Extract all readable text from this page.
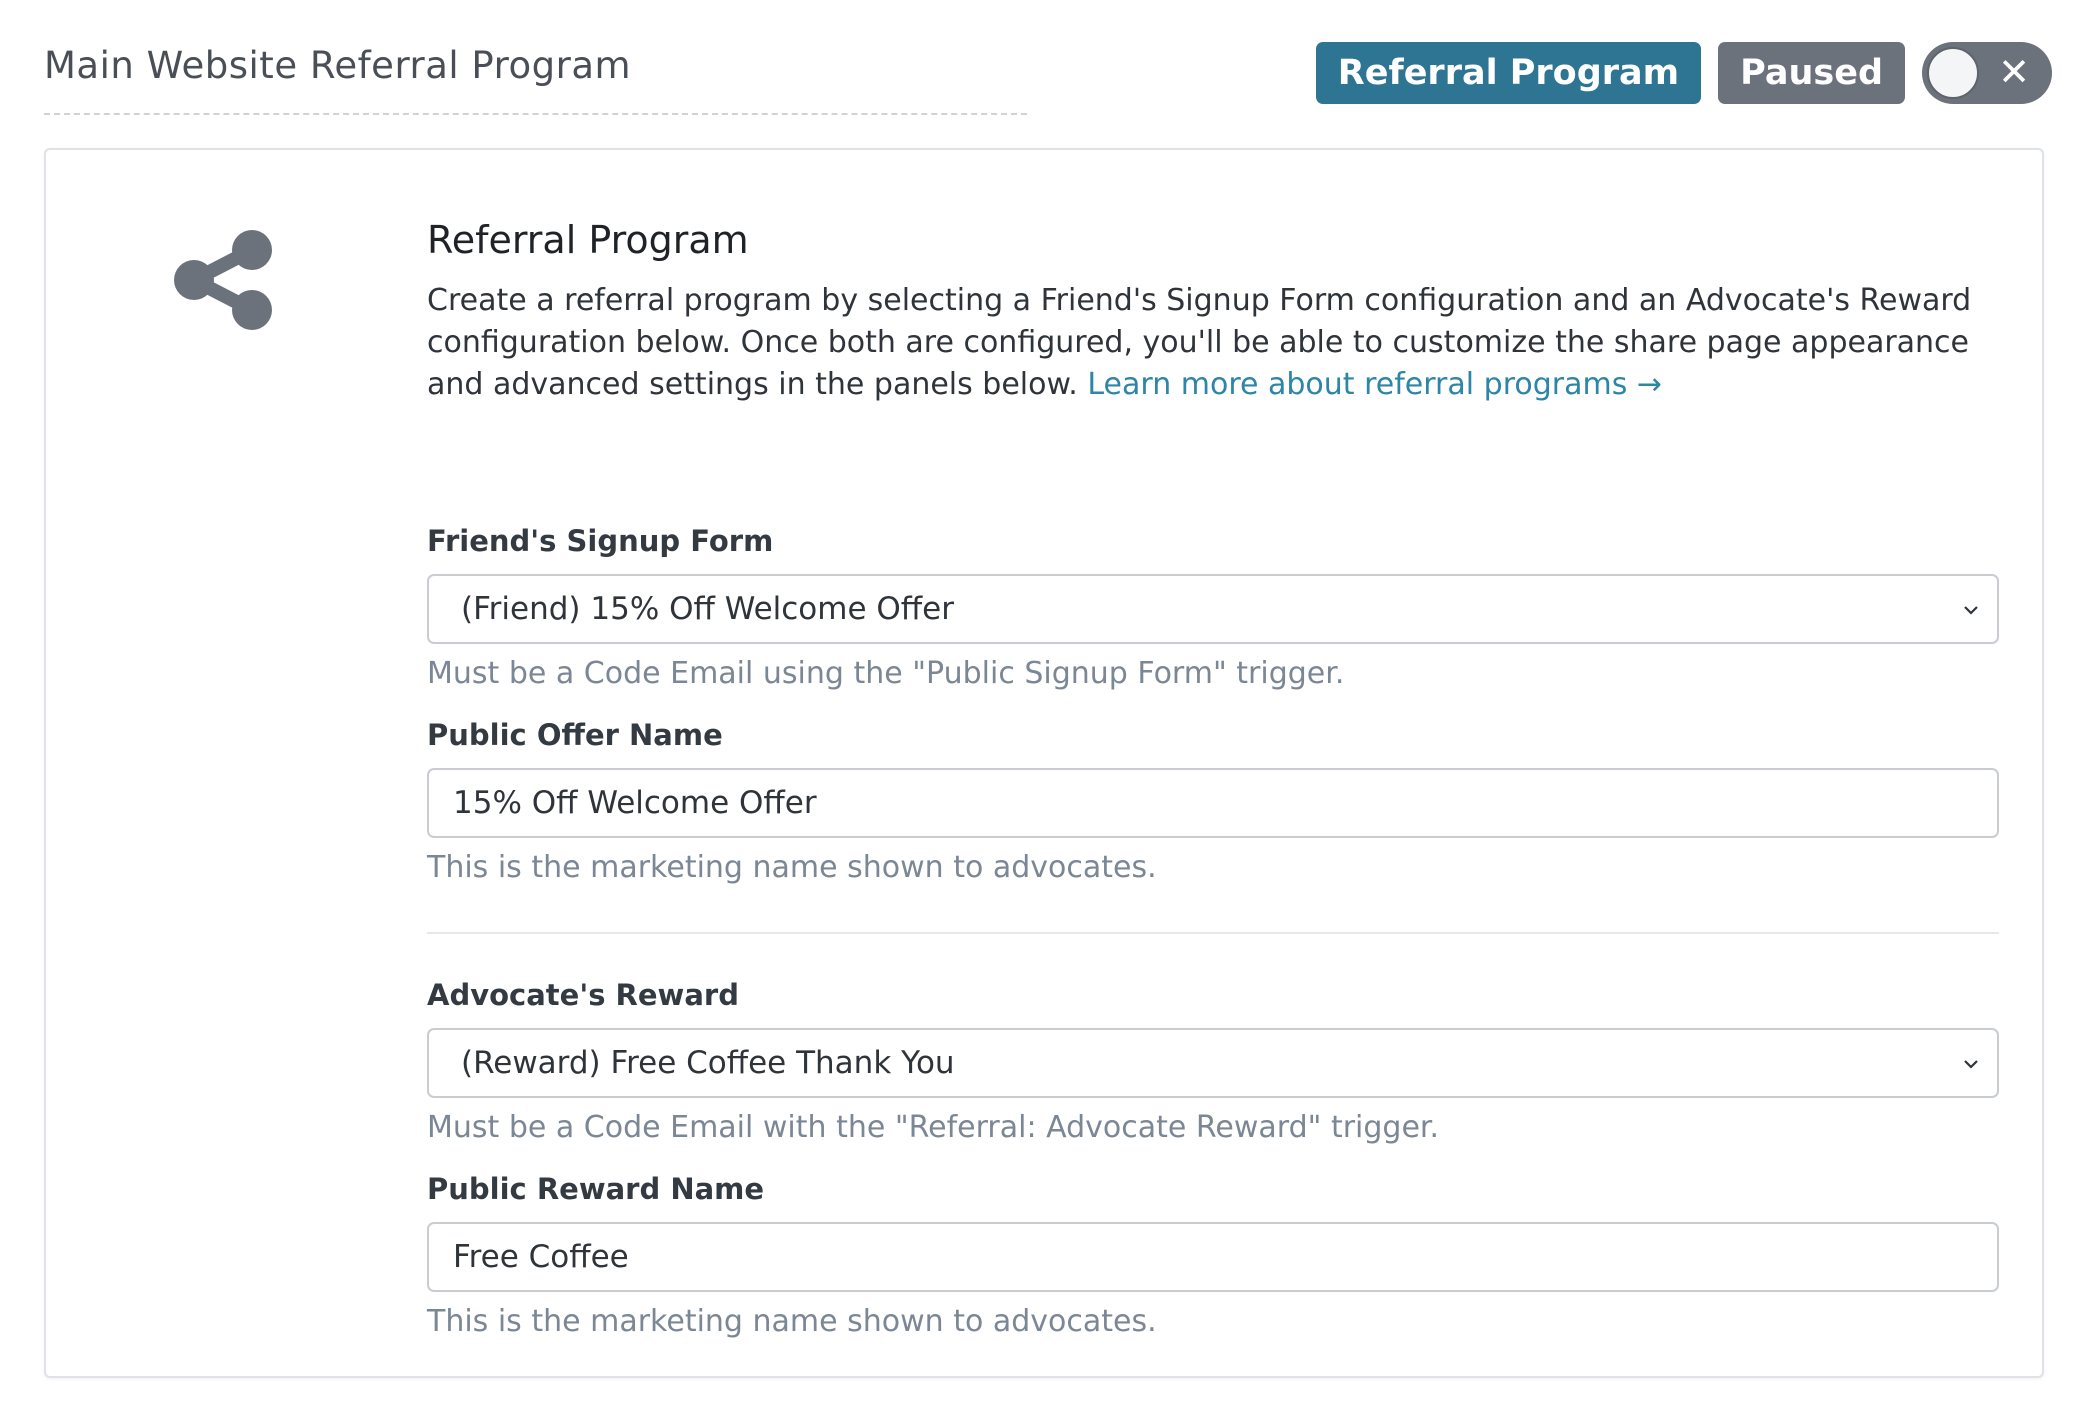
Main Website Referral Program	Referral Program	Paused	✕
Referral Program

Create a referral program by selecting a Friend's Signup Form configuration and an Advocate's Reward configuration below. Once both are configured, you'll be able to customize the share page appearance and advanced settings in the panels below. Learn more about referral programs →

Friend's Signup Form
(Friend) 15% Off Welcome Offer
Must be a Code Email using the "Public Signup Form" trigger.
Public Offer Name
15% Off Welcome Offer
This is the marketing name shown to advocates.
Advocate's Reward
(Reward) Free Coffee Thank You
Must be a Code Email with the "Referral: Advocate Reward" trigger.
Public Reward Name
Free Coffee
This is the marketing name shown to advocates.
